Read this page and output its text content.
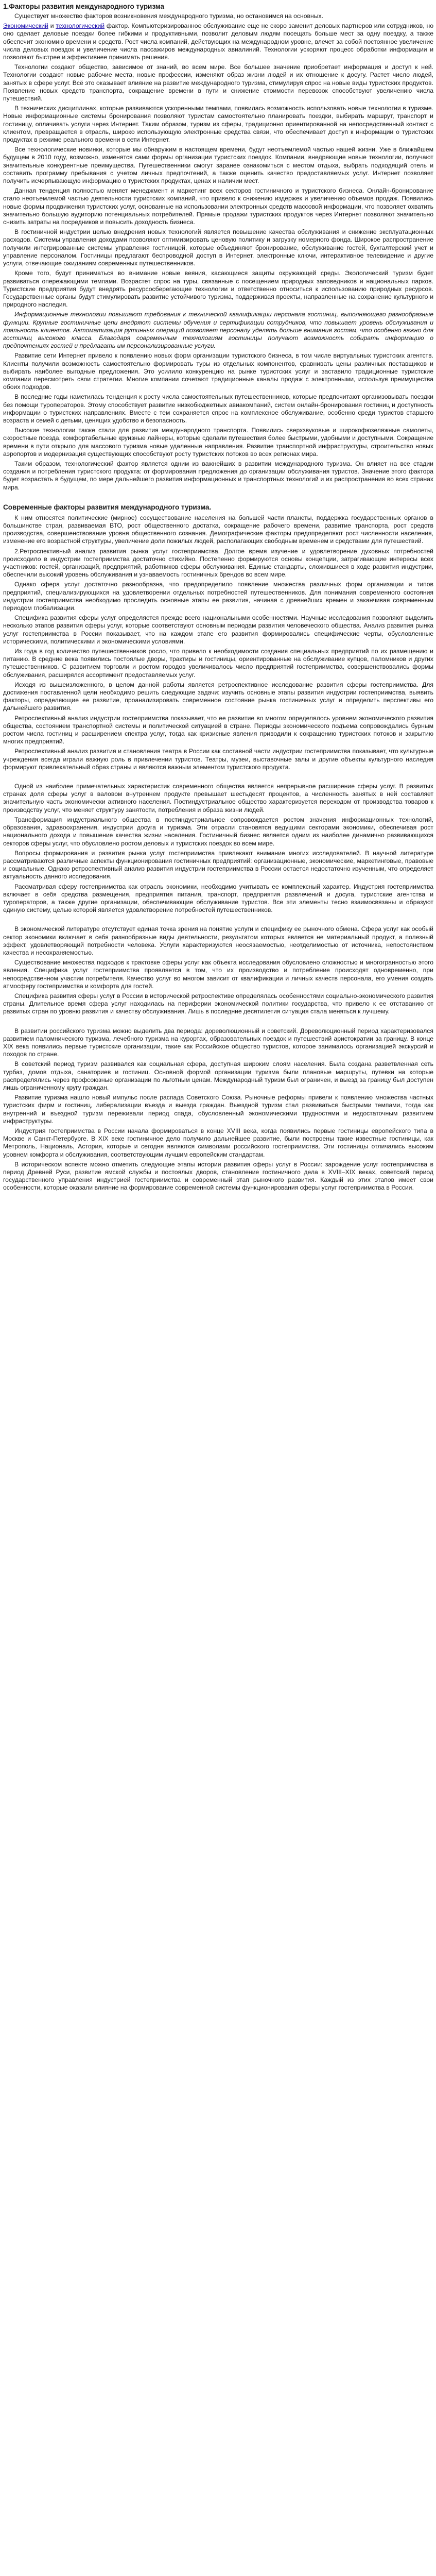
1.Факторы развития международного туризма

Существует множество факторов возникновения международного туризма, но остановимся на основных.

Экономический и технологический фактор. Компьютеризированное обслуживание еще не скоро заменит деловых партнеров или сотрудников, но оно сделает деловые поездки более гибкими и продуктивными, позволит деловым людям посещать больше мест за одну поездку, а также обеспечит экономию времени и средств. Рост числа компаний, действующих на международном уровне, влечет за собой постоянное увеличение числа деловых поездок и увеличение числа пассажиров международных авиалиний. Технологии ускоряют процесс обработки информации и позволяют быстрее и эффективнее принимать решения.

Технологии создают общество, зависимое от знаний, во всем мире. Все большее значение приобретает информация и доступ к ней. Технологии создают новые рабочие места, новые профессии, изменяют образ жизни людей и их отношение к досугу. Растет число людей, занятых в сфере услуг. Всё это оказывает влияние на развитие международного туризма, стимулируя спрос на новые виды туристских продуктов. Появление новых средств транспорта, сокращение времени в пути и снижение стоимости перевозок способствуют увеличению числа путешествий.

В технических дисциплинах, которые развиваются ускоренными темпами, появилась возможность использовать новые технологии в туризме. Новые информационные системы бронирования позволяют туристам самостоятельно планировать поездки, выбирать маршрут, транспорт и гостиницу, оплачивать услуги через Интернет. Таким образом, туризм из сферы, традиционно ориентированной на непосредственный контакт с клиентом, превращается в отрасль, широко использующую электронные средства связи, что обеспечивает доступ к информации о туристских продуктах в режиме реального времени в сети Интернет.

Все технологические новинки, которые мы обнаружим в настоящем времени, будут неотъемлемой частью нашей жизни. Уже в ближайшем будущем в 2010 году, возможно, изменятся сами формы организации туристских поездок. Компании, внедряющие новые технологии, получают значительные конкурентные преимущества. Путешественники смогут заранее ознакомиться с местом отдыха, выбрать подходящий отель и составить программу пребывания с учетом личных предпочтений, а также оценить качество предоставляемых услуг. Интернет позволяет получить исчерпывающую информацию о туристских продуктах, ценах и наличии мест.

Данная тенденция полностью меняет менеджмент и маркетинг всех секторов гостиничного и туристского бизнеса. Онлайн-бронирование стало неотъемлемой частью деятельности туристских компаний, что привело к снижению издержек и увеличению объемов продаж. Появились новые формы продвижения туристских услуг, основанные на использовании электронных средств массовой информации, что позволяет охватить значительно большую аудиторию потенциальных потребителей. Прямые продажи туристских продуктов через Интернет позволяют значительно снизить затраты на посредников и повысить доходность бизнеса.

В гостиничной индустрии целью внедрения новых технологий является повышение качества обслуживания и снижение эксплуатационных расходов. Системы управления доходами позволяют оптимизировать ценовую политику и загрузку номерного фонда. Широкое распространение получили интегрированные системы управления гостиницей, которые объединяют бронирование, обслуживание гостей, бухгалтерский учет и управление персоналом. Гостиницы предлагают беспроводной доступ в Интернет, электронные ключи, интерактивное телевидение и другие услуги, отвечающие ожиданиям современных путешественников.

Кроме того, будут приниматься во внимание новые веяния, касающиеся защиты окружающей среды. Экологический туризм будет развиваться опережающими темпами. Возрастет спрос на туры, связанные с посещением природных заповедников и национальных парков. Туристские предприятия будут внедрять ресурсосберегающие технологии и ответственно относиться к использованию природных ресурсов. Государственные органы будут стимулировать развитие устойчивого туризма, поддерживая проекты, направленные на сохранение культурного и природного наследия.

Информационные технологии повышают требования к технической квалификации персонала гостиниц, выполняющего разнообразные функции. Крупные гостиничные цепи внедряют системы обучения и сертификации сотрудников, что повышает уровень обслуживания и лояльность клиентов. Автоматизация рутинных операций позволяет персоналу уделять больше внимания гостям, что особенно важно для гостиниц высокого класса. Благодаря современным технологиям гостиницы получают возможность собирать информацию о предпочтениях гостей и предлагать им персонализированные услуги.

Развитие сети Интернет привело к появлению новых форм организации туристского бизнеса, в том числе виртуальных туристских агентств. Клиенты получили возможность самостоятельно формировать туры из отдельных компонентов, сравнивать цены различных поставщиков и выбирать наиболее выгодные предложения. Это усилило конкуренцию на рынке туристских услуг и заставило традиционные туристские компании пересмотреть свои стратегии. Многие компании сочетают традиционные каналы продаж с электронными, используя преимущества обоих подходов.

В последние годы наметилась тенденция к росту числа самостоятельных путешественников, которые предпочитают организовывать поездки без помощи туроператоров. Этому способствует развитие низкобюджетных авиакомпаний, систем онлайн-бронирования гостиниц и доступность информации о туристских направлениях. Вместе с тем сохраняется спрос на комплексное обслуживание, особенно среди туристов старшего возраста и семей с детьми, ценящих удобство и безопасность.

Высокие технологии также стали для развития международного транспорта. Появились сверхзвуковые и широкофюзеляжные самолеты, скоростные поезда, комфортабельные круизные лайнеры, которые сделали путешествия более быстрыми, удобными и доступными. Сокращение времени в пути открыло для массового туризма новые удаленные направления. Развитие транспортной инфраструктуры, строительство новых аэропортов и модернизация существующих способствуют росту туристских потоков во всех регионах мира.

Таким образом, технологический фактор является одним из важнейших в развитии международного туризма. Он влияет на все стадии создания и потребления туристского продукта: от формирования предложения до организации обслуживания туристов. Значение этого фактора будет возрастать в будущем, по мере дальнейшего развития информационных и транспортных технологий и их распространения во всех странах мира.

Современные факторы развития международного туризма.

К ним относятся политические (мирное) сосуществование населения на большей части планеты, поддержка государственных органов в большинстве стран, развиваемая ВТО, рост общественного достатка, сокращение рабочего времени, развитие транспорта, рост средств производства, совершенствование уровня общественного сознания. Демографические факторы предопределяют рост численности населения, изменение его возрастной структуры, увеличение доли пожилых людей, располагающих свободным временем и средствами для путешествий.

2.Ретроспективный анализ развития рынка услуг гостеприимства. Долгое время изучение и удовлетворение духовных потребностей происходило в индустрии гостеприимства достаточно стихийно. Постепенно формируются основы концепции, затрагивающие интересы всех участников: гостей, организаций, предприятий, работников сферы обслуживания. Единые стандарты, сложившиеся в ходе развития индустрии, обеспечили высокий уровень обслуживания и узнаваемость гостиничных брендов во всем мире.

Однако сфера услуг достаточно разнообразна, что предопределило появление множества различных форм организации и типов предприятий, специализирующихся на удовлетворении отдельных потребностей путешественников. Для понимания современного состояния индустрии гостеприимства необходимо проследить основные этапы ее развития, начиная с древнейших времен и заканчивая современным периодом глобализации.

Специфика развития сферы услуг определяется прежде всего национальными особенностями. Научные исследования позволяют выделить несколько этапов развития сферы услуг, которые соответствуют основным периодам развития человеческого общества. Анализ развития рынка услуг гостеприимства в России показывает, что на каждом этапе его развития формировались специфические черты, обусловленные историческими, политическими и экономическими условиями.

Из года в год количество путешественников росло, что привело к необходимости создания специальных предприятий по их размещению и питанию. В средние века появились постоялые дворы, трактиры и гостиницы, ориентированные на обслуживание купцов, паломников и других путешественников. С развитием торговли и ростом городов увеличивалось число предприятий гостеприимства, совершенствовались формы обслуживания, расширялся ассортимент предоставляемых услуг.

Исходя из вышеизложенного, в целом данной работы является ретроспективное исследование развития сферы гостеприимства. Для достижения поставленной цели необходимо решить следующие задачи: изучить основные этапы развития индустрии гостеприимства, выявить факторы, определяющие ее развитие, проанализировать современное состояние рынка гостиничных услуг и определить перспективы его дальнейшего развития.

Ретроспективный анализ индустрии гостеприимства показывает, что ее развитие во многом определялось уровнем экономического развития общества, состоянием транспортной системы и политической ситуацией в стране. Периоды экономического подъема сопровождались бурным ростом числа гостиниц и расширением спектра услуг, тогда как кризисные явления приводили к сокращению туристских потоков и закрытию многих предприятий.

Ретроспективный анализ развития и становления театра в России как составной части индустрии гостеприимства показывает, что культурные учреждения всегда играли важную роль в привлечении туристов. Театры, музеи, выставочные залы и другие объекты культурного наследия формируют привлекательный образ страны и являются важным элементом туристского продукта.

Одной из наиболее примечательных характеристик современного общества является непрерывное расширение сферы услуг. В развитых странах доля сферы услуг в валовом внутреннем продукте превышает шестьдесят процентов, а численность занятых в ней составляет значительную часть экономически активного населения. Постиндустриальное общество характеризуется переходом от производства товаров к производству услуг, что меняет структуру занятости, потребления и образа жизни людей.

Трансформация индустриального общества в постиндустриальное сопровождается ростом значения информационных технологий, образования, здравоохранения, индустрии досуга и туризма. Эти отрасли становятся ведущими секторами экономики, обеспечивая рост национального дохода и повышение качества жизни населения. Гостиничный бизнес является одним из наиболее динамично развивающихся секторов сферы услуг, что обусловлено ростом деловых и туристских поездок во всем мире.

Вопросы формирования и развития рынка услуг гостеприимства привлекают внимание многих исследователей. В научной литературе рассматриваются различные аспекты функционирования гостиничных предприятий: организационные, экономические, маркетинговые, правовые и социальные. Однако ретроспективный анализ развития индустрии гостеприимства в России остается недостаточно изученным, что определяет актуальность данного исследования.

Рассматривая сферу гостеприимства как отрасль экономики, необходимо учитывать ее комплексный характер. Индустрия гостеприимства включает в себя средства размещения, предприятия питания, транспорт, предприятия развлечений и досуга, туристские агентства и туроператоров, а также другие организации, обеспечивающие обслуживание туристов. Все эти элементы тесно взаимосвязаны и образуют единую систему, целью которой является удовлетворение потребностей путешественников.

В экономической литературе отсутствует единая точка зрения на понятие услуги и специфику ее рыночного обмена. Сфера услуг как особый сектор экономики включает в себя разнообразные виды деятельности, результатом которых является не материальный продукт, а полезный эффект, удовлетворяющий потребности человека. Услуги характеризуются неосязаемостью, неотделимостью от источника, непостоянством качества и несохраняемостью.

Существование множества подходов к трактовке сферы услуг как объекта исследования обусловлено сложностью и многогранностью этого явления. Специфика услуг гостеприимства проявляется в том, что их производство и потребление происходят одновременно, при непосредственном участии потребителя. Качество услуг во многом зависит от квалификации и личных качеств персонала, его умения создать атмосферу гостеприимства и комфорта для гостей.

Специфика развития сферы услуг в России в исторической ретроспективе определялась особенностями социально-экономического развития страны. Длительное время сфера услуг находилась на периферии экономической политики государства, что привело к ее отставанию от развитых стран по уровню развития и качеству обслуживания. Лишь в последние десятилетия ситуация стала меняться к лучшему.

В развитии российского туризма можно выделить два периода: дореволюционный и советский. Дореволюционный период характеризовался развитием паломнического туризма, лечебного туризма на курортах, образовательных поездок и путешествий аристократии за границу. В конце XIX века появились первые туристские организации, такие как Российское общество туристов, которое занималось организацией экскурсий и походов по стране.

В советский период туризм развивался как социальная сфера, доступная широким слоям населения. Была создана разветвленная сеть турбаз, домов отдыха, санаториев и гостиниц. Основной формой организации туризма были плановые маршруты, путевки на которые распределялись через профсоюзные организации по льготным ценам. Международный туризм был ограничен, и выезд за границу был доступен лишь ограниченному кругу граждан.

Развитие туризма нашло новый импульс после распада Советского Союза. Рыночные реформы привели к появлению множества частных туристских фирм и гостиниц, либерализации въезда и выезда граждан. Выездной туризм стал развиваться быстрыми темпами, тогда как внутренний и въездной туризм переживали период спада, обусловленный экономическими трудностями и недостаточным развитием инфраструктуры.

Индустрия гостеприимства в России начала формироваться в конце XVIII века, когда появились первые гостиницы европейского типа в Москве и Санкт-Петербурге. В XIX веке гостиничное дело получило дальнейшее развитие, были построены такие известные гостиницы, как Метрополь, Националь, Астория, которые и сегодня являются символами российского гостеприимства. Эти гостиницы отличались высоким уровнем комфорта и обслуживания, соответствующим лучшим европейским стандартам.

В историческом аспекте можно отметить следующие этапы истории развития сферы услуг в России: зарождение услуг гостеприимства в период Древней Руси, развитие ямской службы и постоялых дворов, становление гостиничного дела в XVIII–XIX веках, советский период государственного управления индустрией гостеприимства и современный этап рыночного развития. Каждый из этих этапов имеет свои особенности, которые оказали влияние на формирование современной системы функционирования сферы услуг гостеприимства в России.
